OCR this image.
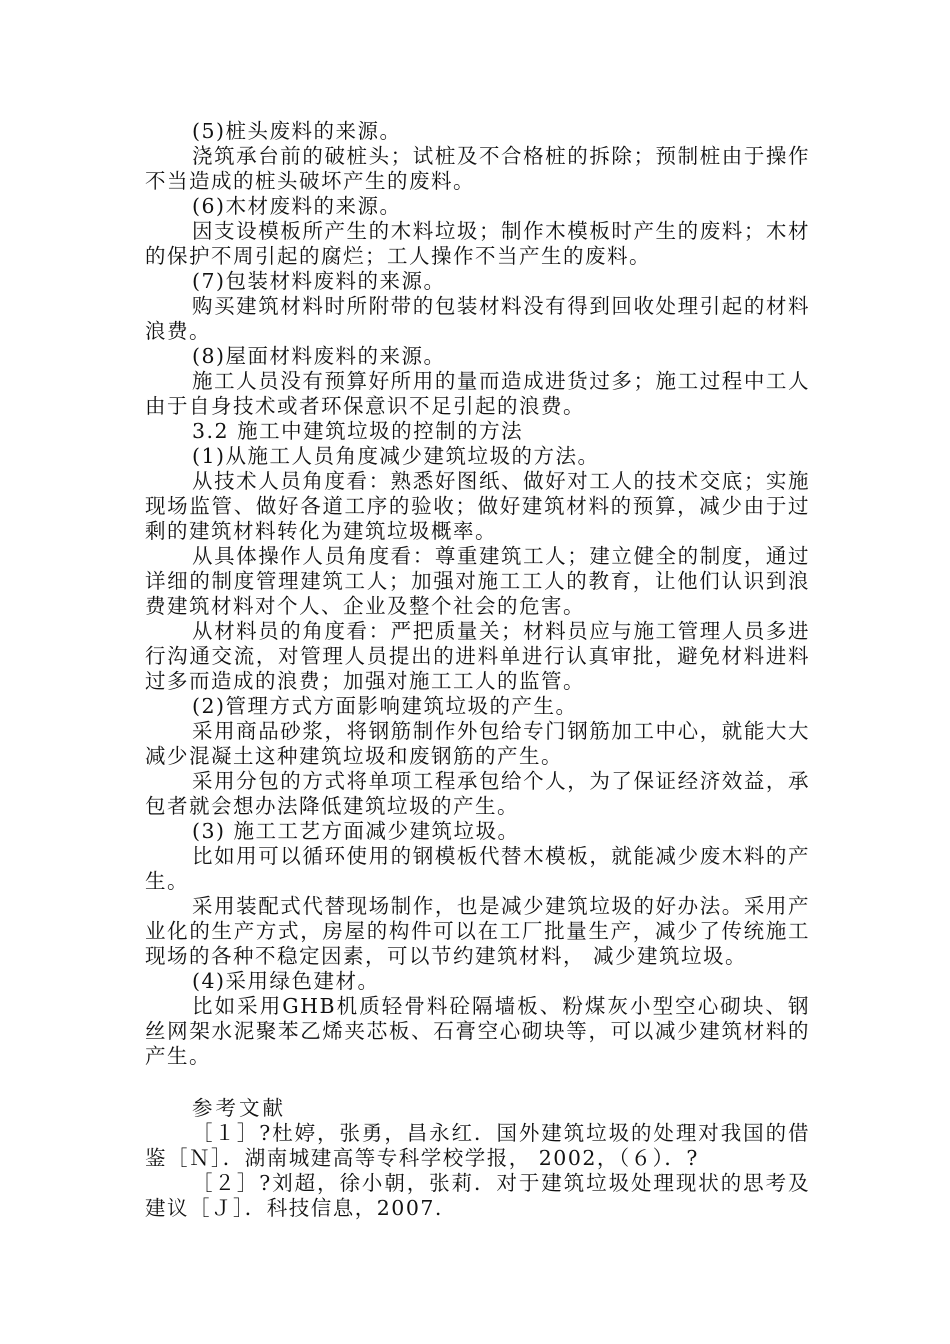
(5)桩头废料的来源。

浇筑承台前的破桩头；试桩及不合格桩的拆除；预制桩由于操作不当造成的桩头破坏产生的废料。

(6)木材废料的来源。

因支设模板所产生的木料垃圾；制作木模板时产生的废料；木材的保护不周引起的腐烂；工人操作不当产生的废料。

(7)包装材料废料的来源。

购买建筑材料时所附带的包装材料没有得到回收处理引起的材料浪费。

(8)屋面材料废料的来源。

施工人员没有预算好所用的量而造成进货过多；施工过程中工人由于自身技术或者环保意识不足引起的浪费。

3.2 施工中建筑垃圾的控制的方法

(1)从施工人员角度减少建筑垃圾的方法。

从技术人员角度看：熟悉好图纸、做好对工人的技术交底；实施现场监管、做好各道工序的验收；做好建筑材料的预算，减少由于过剩的建筑材料转化为建筑垃圾概率。

从具体操作人员角度看：尊重建筑工人；建立健全的制度，通过详细的制度管理建筑工人；加强对施工工人的教育，让他们认识到浪费建筑材料对个人、企业及整个社会的危害。

从材料员的角度看：严把质量关；材料员应与施工管理人员多进行沟通交流，对管理人员提出的进料单进行认真审批，避免材料进料过多而造成的浪费；加强对施工工人的监管。

(2)管理方式方面影响建筑垃圾的产生。

采用商品砂浆，将钢筋制作外包给专门钢筋加工中心，就能大大减少混凝土这种建筑垃圾和废钢筋的产生。

采用分包的方式将单项工程承包给个人，为了保证经济效益，承包者就会想办法降低建筑垃圾的产生。

(3) 施工工艺方面减少建筑垃圾。

比如用可以循环使用的钢模板代替木模板，就能减少废木料的产生。

采用装配式代替现场制作，也是减少建筑垃圾的好办法。采用产业化的生产方式，房屋的构件可以在工厂批量生产，减少了传统施工现场的各种不稳定因素，可以节约建筑材料， 减少建筑垃圾。

(4)采用绿色建材。

比如采用GHB机质轻骨料砼隔墙板、粉煤灰小型空心砌块、钢丝网架水泥聚苯乙烯夹芯板、石膏空心砌块等，可以减少建筑材料的产生。

参考文献

［１］?杜婷，张勇，昌永红．国外建筑垃圾的处理对我国的借鉴［Ｎ］．湖南城建高等专科学校学报， 2002，（６）．?

［２］?刘超，徐小朝，张莉．对于建筑垃圾处理现状的思考及建议［Ｊ］．科技信息，2007.
